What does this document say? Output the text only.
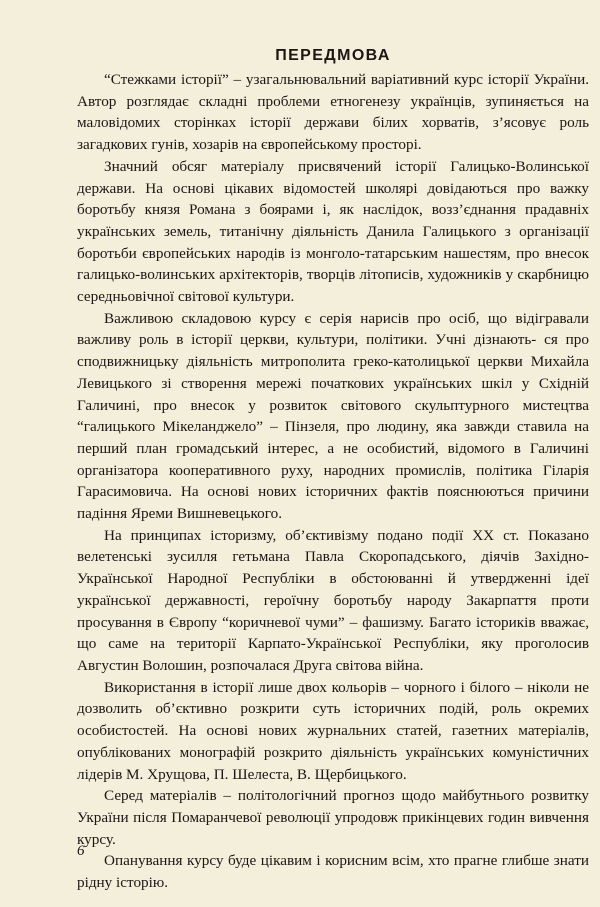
ПЕРЕДМОВА

“Стежками історії” – узагальнювальний варіативний курс історії України. Автор розглядає складні проблеми етногенезу українців, зупиняється на маловідомих сторінках історії держави білих хорватів, з’ясовує роль загадкових гунів, хозарів на європейському просторі.

Значний обсяг матеріалу присвячений історії Галицько-Волинської держави. На основі цікавих відомостей школярі довідаються про важку боротьбу князя Романа з боярами і, як наслідок, возз’єднання прадавніх українських земель, титанічну діяльність Данила Галицького з організації боротьби європейських народів із монголо-татарським нашестям, про внесок галицько-волинських архітекторів, творців літописів, художників у скарбницю середньовічної світової культури.

Важливою складовою курсу є серія нарисів про осіб, що відігравали важливу роль в історії церкви, культури, політики. Учні дізнають- ся про сподвижницьку діяльність митрополита греко-католицької церкви Михайла Левицького зі створення мережі початкових українських шкіл у Східній Галичині, про внесок у розвиток світового скульптурного мистецтва “галицького Мікеланджело” – Пінзеля, про людину, яка завжди ставила на перший план громадський інтерес, а не особистий, відомого в Галичині організатора кооперативного руху, народних промислів, політика Гіларія Гарасимовича. На основі нових історичних фактів пояснюються причини падіння Яреми Вишневецького.

На принципах історизму, об’єктивізму подано події XX ст. Показано велетенські зусилля гетьмана Павла Скоропадського, діячів Західно-Української Народної Республіки в обстоюванні й утвердженні ідеї української державності, героїчну боротьбу народу Закарпаття проти просування в Європу “коричневої чуми” – фашизму. Багато істориків вважає, що саме на території Карпато-Української Республіки, яку проголосив Августин Волошин, розпочалася Друга світова війна.

Використання в історії лише двох кольорів – чорного і білого – ніколи не дозволить об’єктивно розкрити суть історичних подій, роль окремих особистостей. На основі нових журнальних статей, газетних матеріалів, опублікованих монографій розкрито діяльність українських комуністичних лідерів М. Хрущова, П. Шелеста, В. Щербицького.

Серед матеріалів – політологічний прогноз щодо майбутнього розвитку України після Помаранчевої революції упродовж прикінцевих годин вивчення курсу.

Опанування курсу буде цікавим і корисним всім, хто прагне глибше знати рідну історію.

6
